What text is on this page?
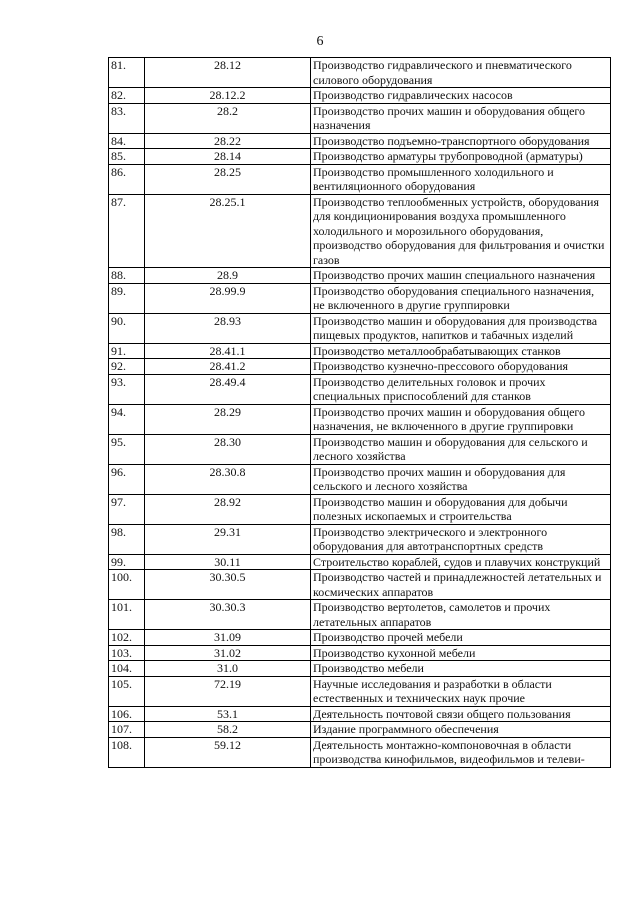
6
81.	28.12	Производство гидравлического и пневматического силового оборудования
82.	28.12.2	Производство гидравлических насосов
83.	28.2	Производство прочих машин и оборудования общего назначения
84.	28.22	Производство подъемно-транспортного оборудования
85.	28.14	Производство арматуры трубопроводной (арматуры)
86.	28.25	Производство промышленного холодильного и вентиляционного оборудования
87.	28.25.1	Производство теплообменных устройств, оборудования для кондиционирования воздуха промышленного холодильного и морозильного оборудования, производство оборудования для фильтрования и очистки газов
88.	28.9	Производство прочих машин специального назначения
89.	28.99.9	Производство оборудования специального назначения, не включенного в другие группировки
90.	28.93	Производство машин и оборудования для производства пищевых продуктов, напитков и табачных изделий
91.	28.41.1	Производство металлообрабатывающих станков
92.	28.41.2	Производство кузнечно-прессового оборудования
93.	28.49.4	Производство делительных головок и прочих специальных приспособлений для станков
94.	28.29	Производство прочих машин и оборудования общего назначения, не включенного в другие группировки
95.	28.30	Производство машин и оборудования для сельского и лесного хозяйства
96.	28.30.8	Производство прочих машин и оборудования для сельского и лесного хозяйства
97.	28.92	Производство машин и оборудования для добычи полезных ископаемых и строительства
98.	29.31	Производство электрического и электронного оборудования для автотранспортных средств
99.	30.11	Строительство кораблей, судов и плавучих конструкций
100.	30.30.5	Производство частей и принадлежностей летательных и космических аппаратов
101.	30.30.3	Производство вертолетов, самолетов и прочих летательных аппаратов
102.	31.09	Производство прочей мебели
103.	31.02	Производство кухонной мебели
104.	31.0	Производство мебели
105.	72.19	Научные исследования и разработки в области естественных и технических наук прочие
106.	53.1	Деятельность почтовой связи общего пользования
107.	58.2	Издание программного обеспечения
108.	59.12	Деятельность монтажно-компоновочная в области производства кинофильмов, видеофильмов и телеви-
